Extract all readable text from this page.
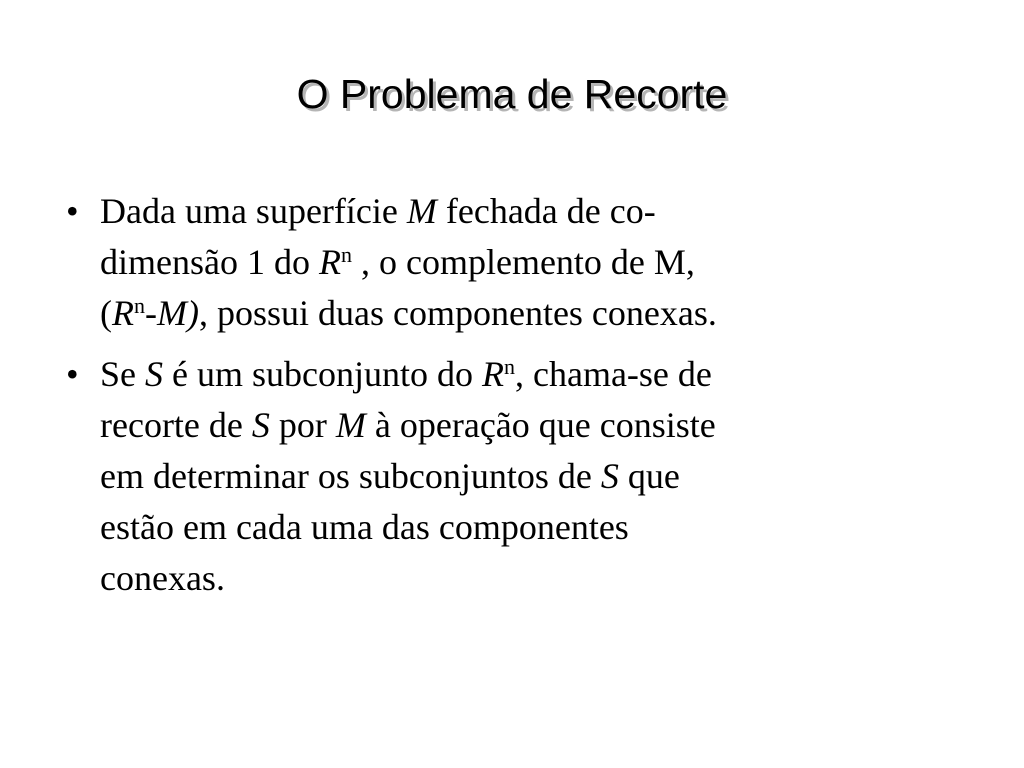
O Problema de Recorte
• Dada uma superfície M fechada de co-
dimensão 1 do $R^n$ , o complemento de M,
$(R^n-M)$, possui duas componentes conexas.
• Se S é um subconjunto do $R^n$, chama-se de
recorte de S por M à operação que consiste
em determinar os subconjuntos de S que
estão em cada uma das componentes
conexas.
